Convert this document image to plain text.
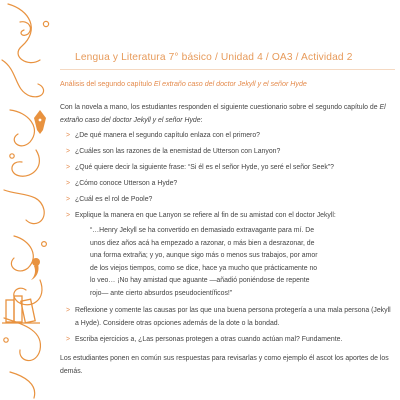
Lengua y Literatura 7° básico / Unidad 4 / OA3 / Actividad 2
Análisis del segundo capítulo El extraño caso del doctor Jekyll y el señor Hyde

Con la novela a mano, los estudiantes responden el siguiente cuestionario sobre el segundo capítulo de El extraño caso del doctor Jekyll y el señor Hyde:

> ¿De qué manera el segundo capítulo enlaza con el primero?
> ¿Cuáles son las razones de la enemistad de Utterson con Lanyon?
> ¿Qué quiere decir la siguiente frase: “Si él es el señor Hyde, yo seré el señor Seek”?
> ¿Cómo conoce Utterson a Hyde?
> ¿Cuál es el rol de Poole?
> Explique la manera en que Lanyon se refiere al fin de su amistad con el doctor Jekyll:
“…Henry Jekyll se ha convertido en demasiado extravagante para mí. De
unos diez años acá ha empezado a razonar, o más bien a desrazonar, de
una forma extraña; y yo, aunque sigo más o menos sus trabajos, por amor
de los viejos tiempos, como se dice, hace ya mucho que prácticamente no
lo veo… ¡No hay amistad que aguante —añadió poniéndose de repente
rojo— ante cierto absurdos pseudocientíficos!”
> Reflexione y comente las causas por las que una buena persona protegería a una mala persona (Jekyll a Hyde). Considere otras opciones además de la dote o la bondad.
> Escriba ejercicios a, ¿Las personas protegen a otras cuando actúan mal? Fundamente.

Los estudiantes ponen en común sus respuestas para revisarlas y como ejemplo él ascot los aportes de los demás.
